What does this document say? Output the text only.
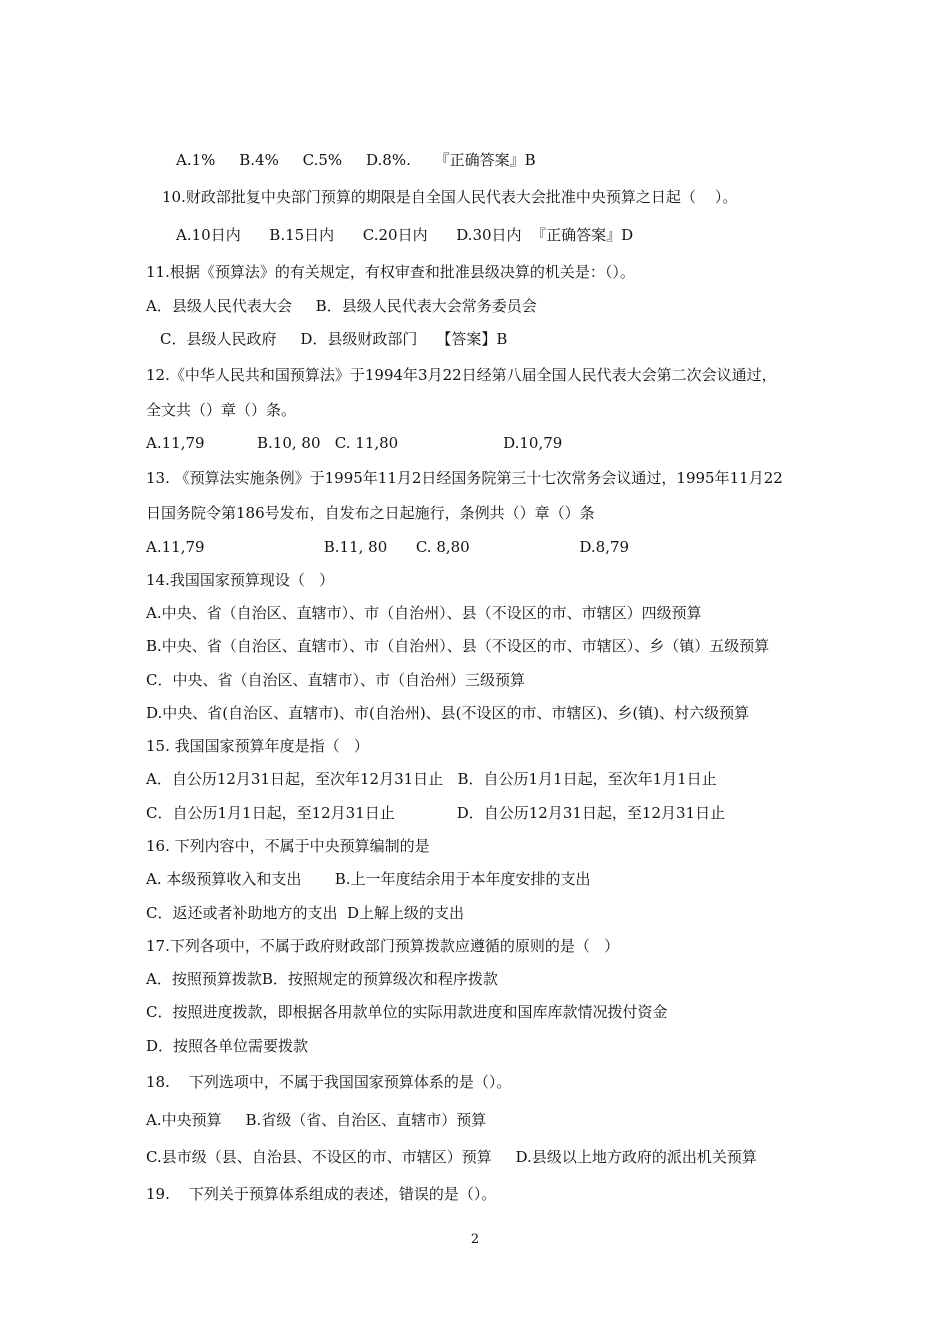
A.1%     B.4%     C.5%     D.8%.     『正确答案』B
10.财政部批复中央部门预算的期限是自全国人民代表大会批准中央预算之日起（    ）。
A.10日内      B.15日内      C.20日内      D.30日内  『正确答案』D
11.根据《预算法》的有关规定，有权审查和批准县级决算的机关是：（）。
A．县级人民代表大会     B．县级人民代表大会常务委员会
C．县级人民政府     D．县级财政部门    【答案】B
12.《中华人民共和国预算法》于1994年3月22日经第八届全国人民代表大会第二次会议通过，
全文共（）章（）条。
A.11,79           B.10, 80   C. 11,80                      D.10,79
13. 《预算法实施条例》于1995年11月2日经国务院第三十七次常务会议通过，1995年11月22
日国务院令第186号发布，自发布之日起施行，条例共（）章（）条
A.11,79                         B.11, 80      C. 8,80                       D.8,79
14.我国国家预算现设（   ）
A.中央、省（自治区、直辖市）、市（自治州）、县（不设区的市、市辖区）四级预算
B.中央、省（自治区、直辖市）、市（自治州）、县（不设区的市、市辖区）、乡（镇）五级预算
C．中央、省（自治区、直辖市）、市（自治州）三级预算
D.中央、省(自治区、直辖市)、市(自治州)、县(不设区的市、市辖区)、乡(镇)、村六级预算
15. 我国国家预算年度是指（   ）
A．自公历12月31日起，至次年12月31日止   B．自公历1月1日起，至次年1月1日止
C．自公历1月1日起，至12月31日止             D．自公历12月31日起，至12月31日止
16. 下列内容中，不属于中央预算编制的是
A. 本级预算收入和支出       B.上一年度结余用于本年度安排的支出
C．返还或者补助地方的支出  D上解上级的支出
17.下列各项中，不属于政府财政部门预算拨款应遵循的原则的是（   ）
A．按照预算拨款B．按照规定的预算级次和程序拨款
C．按照进度拨款，即根据各用款单位的实际用款进度和国库库款情况拨付资金
D．按照各单位需要拨款
18.    下列选项中，不属于我国国家预算体系的是（）。
A.中央预算     B.省级（省、自治区、直辖市）预算
C.县市级（县、自治县、不设区的市、市辖区）预算     D.县级以上地方政府的派出机关预算
19.    下列关于预算体系组成的表述，错误的是（）。
2
